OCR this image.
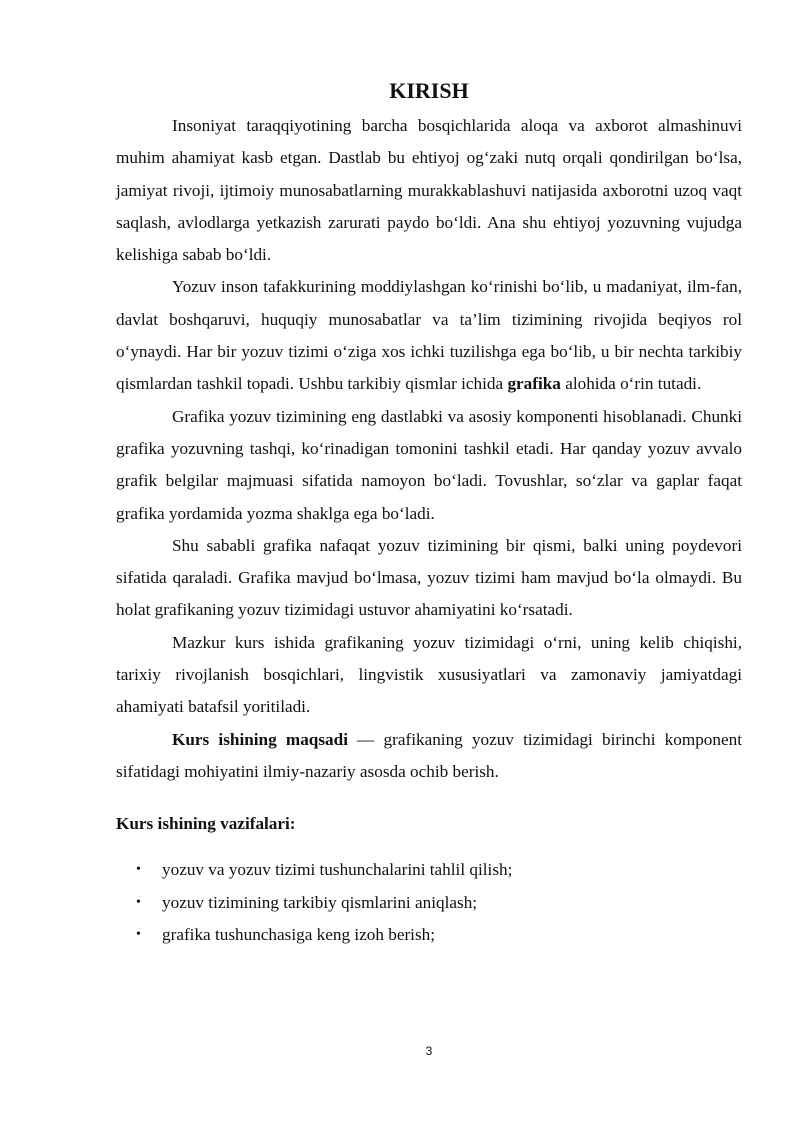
KIRISH

Insoniyat taraqqiyotining barcha bosqichlarida aloqa va axborot almashinuvi muhim ahamiyat kasb etgan. Dastlab bu ehtiyoj og‘zaki nutq orqali qondirilgan bo‘lsa, jamiyat rivoji, ijtimoiy munosabatlarning murakkablashuvi natijasida axborotni uzoq vaqt saqlash, avlodlarga yetkazish zarurati paydo bo‘ldi. Ana shu ehtiyoj yozuvning vujudga kelishiga sabab bo‘ldi.

Yozuv inson tafakkurining moddiylashgan ko‘rinishi bo‘lib, u madaniyat, ilm-fan, davlat boshqaruvi, huquqiy munosabatlar va ta’lim tizimining rivojida beqiyos rol o‘ynaydi. Har bir yozuv tizimi o‘ziga xos ichki tuzilishga ega bo‘lib, u bir nechta tarkibiy qismlardan tashkil topadi. Ushbu tarkibiy qismlar ichida grafika alohida o‘rin tutadi.

Grafika yozuv tizimining eng dastlabki va asosiy komponenti hisoblanadi. Chunki grafika yozuvning tashqi, ko‘rinadigan tomonini tashkil etadi. Har qanday yozuv avvalo grafik belgilar majmuasi sifatida namoyon bo‘ladi. Tovushlar, so‘zlar va gaplar faqat grafika yordamida yozma shaklga ega bo‘ladi.

Shu sababli grafika nafaqat yozuv tizimining bir qismi, balki uning poydevori sifatida qaraladi. Grafika mavjud bo‘lmasa, yozuv tizimi ham mavjud bo‘la olmaydi. Bu holat grafikaning yozuv tizimidagi ustuvor ahamiyatini ko‘rsatadi.

Mazkur kurs ishida grafikaning yozuv tizimidagi o‘rni, uning kelib chiqishi, tarixiy rivojlanish bosqichlari, lingvistik xususiyatlari va zamonaviy jamiyatdagi ahamiyati batafsil yoritiladi.

Kurs ishining maqsadi — grafikaning yozuv tizimidagi birinchi komponent sifatidagi mohiyatini ilmiy-nazariy asosda ochib berish.

Kurs ishining vazifalari:
• yozuv va yozuv tizimi tushunchalarini tahlil qilish;
• yozuv tizimining tarkibiy qismlarini aniqlash;
• grafika tushunchasiga keng izoh berish;
3
